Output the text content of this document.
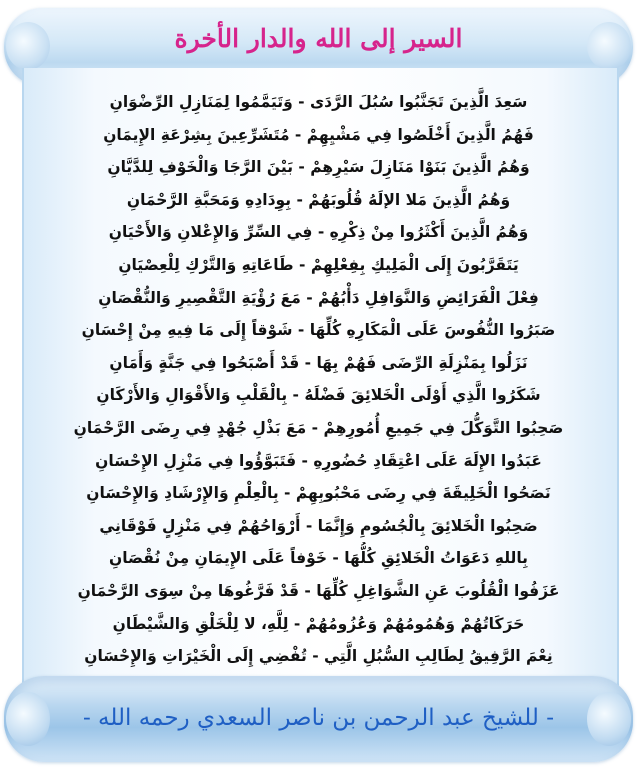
السير إلى الله والدار الأخرة
سَعِدَ الَّذِينَ تَجَنَّبُوا سُبُلَ الرَّدَى - وَتَيَمَّمُوا لِمَنَازِلِ الرِّضْوَانِ
فَهُمُ الَّذِينَ أَخْلَصُوا فِي مَشْيِهِمْ - مُتَشَرِّعِينَ بِشِرْعَةِ الإِيمَانِ
وَهُمُ الَّذِينَ بَنَوْا مَنَازِلَ سَيْرِهِمْ - بَيْنَ الرَّجَا وَالْخَوْفِ لِلدَّيَّانِ
وَهُمُ الَّذِينَ مَلا الإلَهُ قُلُوبَهُمْ - بِوِدَادِهِ وَمَحَبَّةِ الرَّحْمَانِ
وَهُمُ الَّذِينَ أَكْثَرُوا مِنْ ذِكْرِهِ - فِي السِّرِّ وَالإِعْلانِ وَالأَحْيَانِ
يَتَقَرَّبُونَ إِلَى الْمَلِيكِ بِفِعْلِهِمْ - طَاعَاتِهِ وَالتَّرْكِ لِلْعِصْيَانِ
فِعْلَ الْفَرَائِضِ وَالنَّوَافِلِ دَأْبُهُمْ - مَعَ رُؤْيَةِ التَّقْصِيرِ وَالنُّقْصَانِ
صَبَرُوا النُّفُوسَ عَلَى الْمَكَارِهِ كُلِّهَا - شَوْقاً إِلَى مَا فِيهِ مِنْ إِحْسَانِ
نَزَلُوا بِمَنْزِلَةِ الرِّضَى فَهُمْ بِهَا - قَدْ أَصْبَحُوا فِي جَنَّةٍ وَأَمَانِ
شَكَرُوا الَّذِي أَوْلَى الْخَلائِقَ فَضْلَهُ - بِالْقَلْبِ وَالأَقْوَالِ وَالأَرْكَانِ
صَحِبُوا التَّوَكُّلَ فِي جَمِيعِ أُمُورِهِمْ - مَعَ بَذْلِ جُهْدٍ فِي رِضَى الرَّحْمَانِ
عَبَدُوا الإِلَهَ عَلَى اعْتِقَادِ حُضُورِهِ - فَتَبَوَّؤُوا فِي مَنْزِلِ الإِحْسَانِ
نَصَحُوا الْخَلِيقَةَ فِي رِضَى مَحْبُوبِهِمْ - بِالْعِلْمِ وَالإِرْشَادِ وَالإِحْسَانِ
صَحِبُوا الْخَلائِقَ بِالْجُسُومِ وَإِنَّمَا - أَرْوَاحُهُمْ فِي مَنْزِلٍ فَوْقَانِي
بِاللهِ دَعَوَاتُ الْخَلائِقِ كُلُّهَا - خَوْفاً عَلَى الإِيمَانِ مِنْ نُقْصَانِ
عَزَفُوا الْقُلُوبَ عَنِ الشَّوَاغِلِ كُلِّهَا - قَدْ فَرَّغُوهَا مِنْ سِوَى الرَّحْمَانِ
حَرَكَاتُهُمْ وَهُمُومُهُمْ وَعُزُومُهُمْ - لِلَّهِ، لا لِلْخَلْقِ وَالشَّيْطَانِ
نِعْمَ الرَّفِيقُ لِطَالِبِ السُّبُلِ الَّتِي - تُفْضِي إِلَى الْخَيْرَاتِ وَالإِحْسَانِ
- للشيخ عبد الرحمن بن ناصر السعدي رحمه الله -
